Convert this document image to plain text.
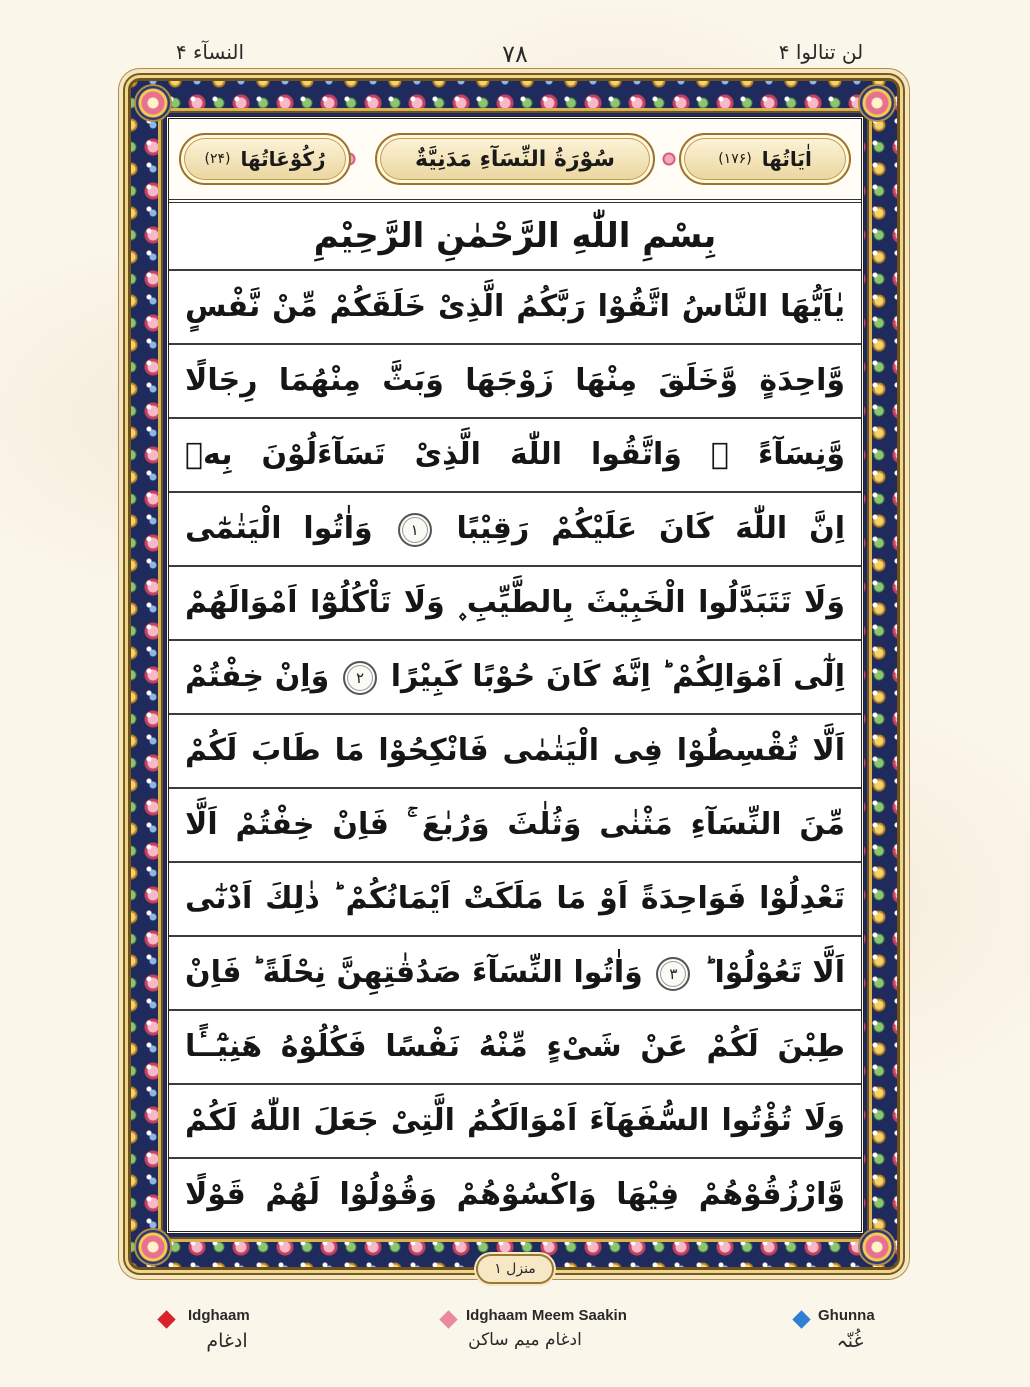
النسآء ۴	۷۸	لن تنالوا ۴
اٰيَاتُهَا
(۱۷۶)
سُوْرَةُ النِّسَآءِ مَدَنِيَّةٌ
رُكُوْعَاتُهَا
(۲۴)
بِسْمِ اللّٰهِ الرَّحْمٰنِ الرَّحِيْمِ
يٰاَيُّهَا النَّاسُ اتَّقُوْا رَبَّكُمُ الَّذِىْ خَلَقَكُمْ مِّنْ نَّفْسٍ
وَّاحِدَةٍ وَّخَلَقَ مِنْهَا زَوْجَهَا وَبَثَّ مِنْهُمَا رِجَالًا
وَّنِسَآءً ۚ وَاتَّقُوا اللّٰهَ الَّذِىْ تَسَآءَلُوْنَ بِهٖ
اِنَّ اللّٰهَ كَانَ عَلَيْكُمْ رَقِيْبًا ۱ وَاٰتُوا الْيَتٰمٰٓى
وَلَا تَتَبَدَّلُوا الْخَبِيْثَ بِالطَّيِّبِ ۪ وَلَا تَاْكُلُوْٓا اَمْوَالَهُمْ
اِلٰٓى اَمْوَالِكُمْ ؕ اِنَّهٗ كَانَ حُوْبًا كَبِيْرًا ۲ وَاِنْ خِفْتُمْ
اَلَّا تُقْسِطُوْا فِى الْيَتٰمٰى فَانْكِحُوْا مَا طَابَ لَكُمْ
مِّنَ النِّسَآءِ مَثْنٰى وَثُلٰثَ وَرُبٰعَ ۚ فَاِنْ خِفْتُمْ اَلَّا
تَعْدِلُوْا فَوَاحِدَةً اَوْ مَا مَلَكَتْ اَيْمَانُكُمْ ؕ ذٰلِكَ اَدْنٰٓى
اَلَّا تَعُوْلُوْا ؕ ۳ وَاٰتُوا النِّسَآءَ صَدُقٰتِهِنَّ نِحْلَةً ؕ فَاِنْ
طِبْنَ لَكُمْ عَنْ شَىْءٍ مِّنْهُ نَفْسًا فَكُلُوْهُ هَنِيْٓــًٔا
وَلَا تُؤْتُوا السُّفَهَآءَ اَمْوَالَكُمُ الَّتِىْ جَعَلَ اللّٰهُ لَكُمْ
وَّارْزُقُوْهُمْ فِيْهَا وَاكْسُوْهُمْ وَقُوْلُوْا لَهُمْ قَوْلًا
منزل ۱
Idghaam
ادغام
Idghaam Meem Saakin
ادغام میم ساکن
Ghunna
غُنّہ
